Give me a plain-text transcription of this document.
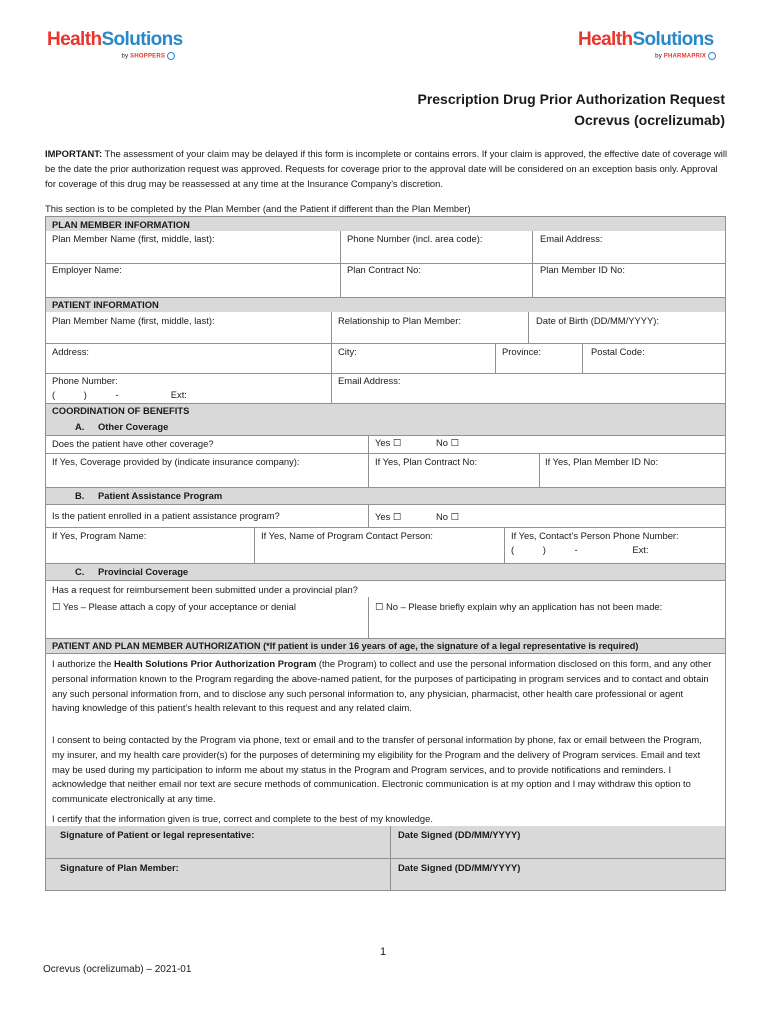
HealthSolutions
by SHOPPERS
HealthSolutions
by PHARMAPRIX
Prescription Drug Prior Authorization Request
Ocrevus (ocrelizumab)
IMPORTANT: The assessment of your claim may be delayed if this form is incomplete or contains errors. If your claim is approved, the effective date of coverage will be the date the prior authorization request was approved. Requests for coverage prior to the approval date will be considered on an exception basis only. Approval for coverage of this drug may be reassessed at any time at the Insurance Company’s discretion.
This section is to be completed by the Plan Member (and the Patient if different than the Plan Member)
PLAN MEMBER INFORMATION
Plan Member Name (first, middle, last):	Phone Number (incl. area code):	Email Address:
Employer Name:	Plan Contract No:	Plan Member ID No:
PATIENT INFORMATION
Plan Member Name (first, middle, last):	Relationship to Plan Member:	Date of Birth (DD/MM/YYYY):
Address:	City:	Province:	Postal Code:
Phone Number:
(           )           -                    Ext:
Email Address:
COORDINATION OF BENEFITS
A. Other Coverage
Does the patient have other coverage?	Yes ☐	No ☐
If Yes, Coverage provided by (indicate insurance company):	If Yes, Plan Contract No:	If Yes, Plan Member ID No:
B. Patient Assistance Program
Is the patient enrolled in a patient assistance program?	Yes ☐	No ☐
If Yes, Program Name:	If Yes, Name of Program Contact Person:	If Yes, Contact’s Person Phone Number:
(           )           -                     Ext:
C. Provincial Coverage
Has a request for reimbursement been submitted under a provincial plan?
☐ Yes – Please attach a copy of your acceptance or denial	☐ No – Please briefly explain why an application has not been made:
PATIENT AND PLAN MEMBER AUTHORIZATION (*If patient is under 16 years of age, the signature of a legal representative is required)
I authorize the Health Solutions Prior Authorization Program (the Program) to collect and use the personal information disclosed on this form, and any other personal information known to the Program regarding the above-named patient, for the purposes of participating in program services and to contact and obtain any such personal information from, and to disclose any such personal information to, any physician, pharmacist, other health care professional or agent having knowledge of this patient’s health relevant to this request and any related claim.
I consent to being contacted by the Program via phone, text or email and to the transfer of personal information by phone, fax or email between the Program, my insurer, and my health care provider(s) for the purposes of determining my eligibility for the Program and the delivery of Program services. Email and text may be used during my participation to inform me about my status in the Program and Program services, and to provide notifications and reminders. I acknowledge that neither email nor text are secure methods of communication. Electronic communication is at my option and I may withdraw this option to communicate electronically at any time.
I certify that the information given is true, correct and complete to the best of my knowledge.
Signature of Patient or legal representative:	Date Signed (DD/MM/YYYY)
Signature of Plan Member:	Date Signed (DD/MM/YYYY)
1
Ocrevus (ocrelizumab) – 2021-01
